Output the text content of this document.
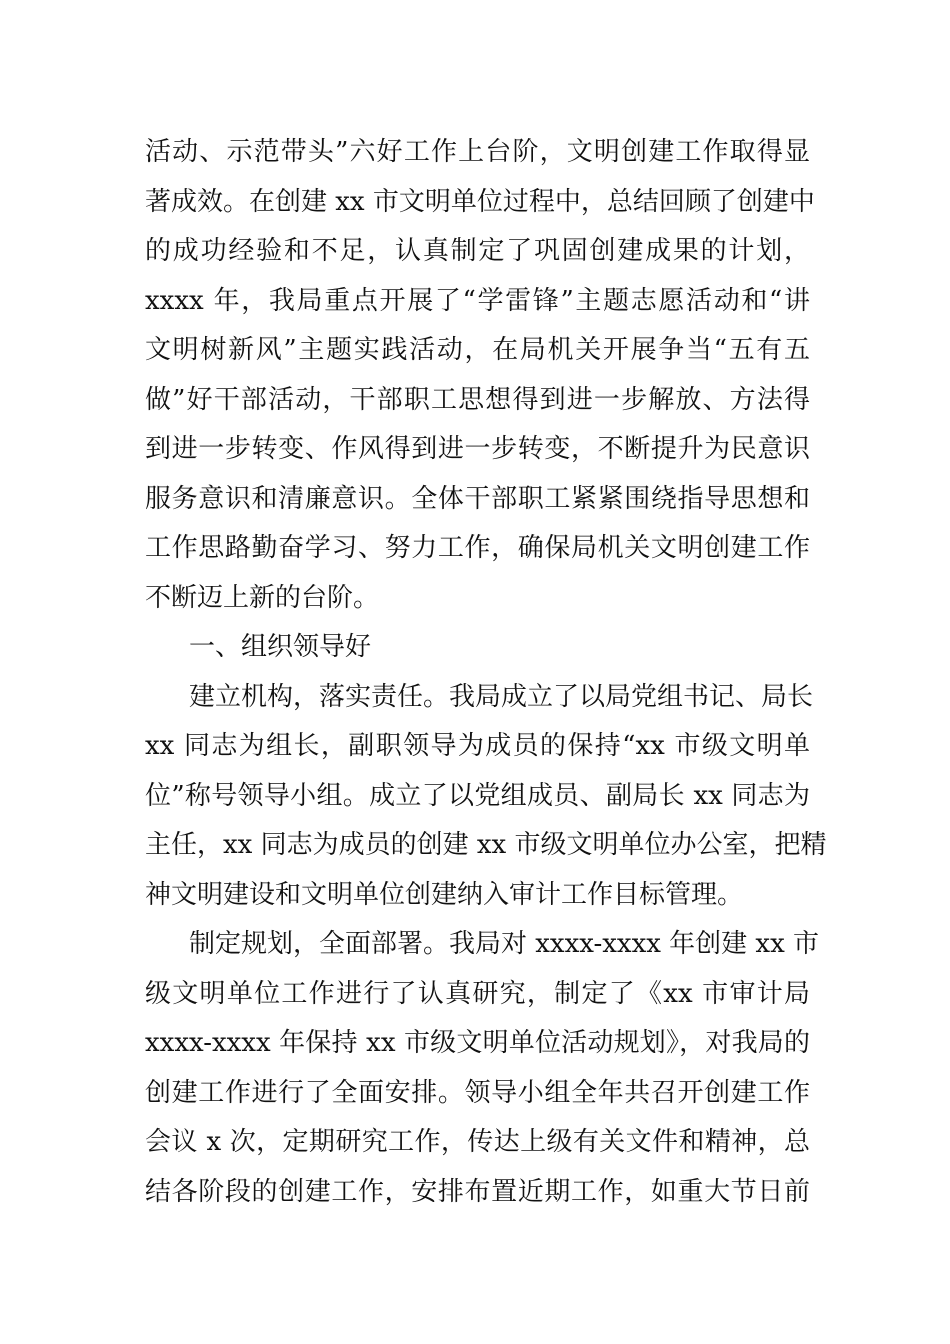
活动、示范带头”六好工作上台阶，文明创建工作取得显
著成效。在创建 xx 市文明单位过程中，总结回顾了创建中
的成功经验和不足，认真制定了巩固创建成果的计划，
xxxx 年，我局重点开展了“学雷锋”主题志愿活动和“讲
文明树新风”主题实践活动，在局机关开展争当“五有五
做”好干部活动，干部职工思想得到进一步解放、方法得
到进一步转变、作风得到进一步转变，不断提升为民意识
服务意识和清廉意识。全体干部职工紧紧围绕指导思想和
工作思路勤奋学习、努力工作，确保局机关文明创建工作
不断迈上新的台阶。
一、组织领导好
建立机构，落实责任。我局成立了以局党组书记、局长
xx 同志为组长，副职领导为成员的保持“xx 市级文明单
位”称号领导小组。成立了以党组成员、副局长 xx 同志为
主任，xx 同志为成员的创建 xx 市级文明单位办公室，把精
神文明建设和文明单位创建纳入审计工作目标管理。
制定规划，全面部署。我局对 xxxx-xxxx 年创建 xx 市
级文明单位工作进行了认真研究，制定了《xx 市审计局
xxxx-xxxx 年保持 xx 市级文明单位活动规划》，对我局的
创建工作进行了全面安排。领导小组全年共召开创建工作
会议 x 次，定期研究工作，传达上级有关文件和精神，总
结各阶段的创建工作，安排布置近期工作，如重大节日前
